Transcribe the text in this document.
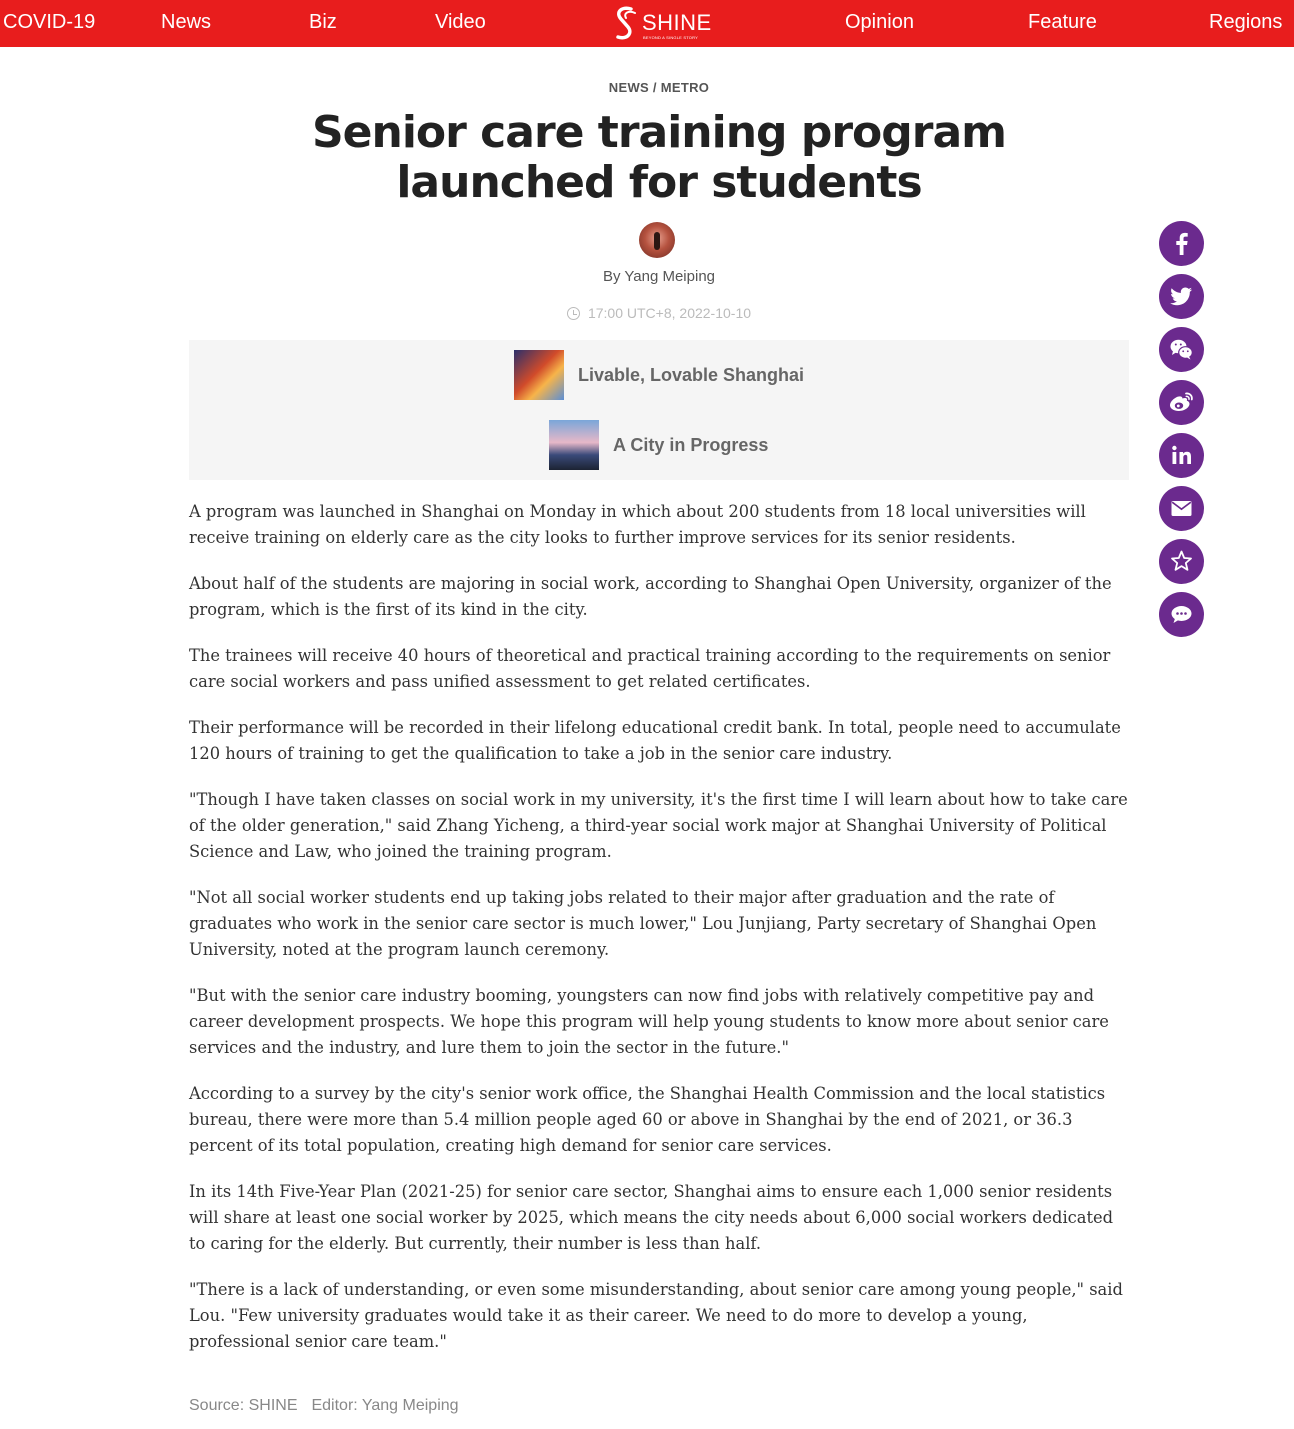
COVID-19	News	Biz	Video	SHINE
BEYOND A SINGLE STORY
Opinion	Feature	Regions
NEWS / METRO
Senior care training program launched for students
By Yang Meiping
17:00 UTC+8, 2022-10-10
Livable, Lovable Shanghai
A City in Progress

A program was launched in Shanghai on Monday in which about 200 students from 18 local universities will receive training on elderly care as the city looks to further improve services for its senior residents.

About half of the students are majoring in social work, according to Shanghai Open University, organizer of the program, which is the first of its kind in the city.

The trainees will receive 40 hours of theoretical and practical training according to the requirements on senior care social workers and pass unified assessment to get related certificates.

Their performance will be recorded in their lifelong educational credit bank. In total, people need to accumulate 120 hours of training to get the qualification to take a job in the senior care industry.

"Though I have taken classes on social work in my university, it's the first time I will learn about how to take care of the older generation," said Zhang Yicheng, a third-year social work major at Shanghai University of Political Science and Law, who joined the training program.

"Not all social worker students end up taking jobs related to their major after graduation and the rate of graduates who work in the senior care sector is much lower," Lou Junjiang, Party secretary of Shanghai Open University, noted at the program launch ceremony.

"But with the senior care industry booming, youngsters can now find jobs with relatively competitive pay and career development prospects. We hope this program will help young students to know more about senior care services and the industry, and lure them to join the sector in the future."

According to a survey by the city's senior work office, the Shanghai Health Commission and the local statistics bureau, there were more than 5.4 million people aged 60 or above in Shanghai by the end of 2021, or 36.3 percent of its total population, creating high demand for senior care services.

In its 14th Five-Year Plan (2021-25) for senior care sector, Shanghai aims to ensure each 1,000 senior residents will share at least one social worker by 2025, which means the city needs about 6,000 social workers dedicated to caring for the elderly. But currently, their number is less than half.

"There is a lack of understanding, or even some misunderstanding, about senior care among young people," said Lou. "Few university graduates would take it as their career. We need to do more to develop a young, professional senior care team."

Source: SHINE Editor: Yang Meiping
